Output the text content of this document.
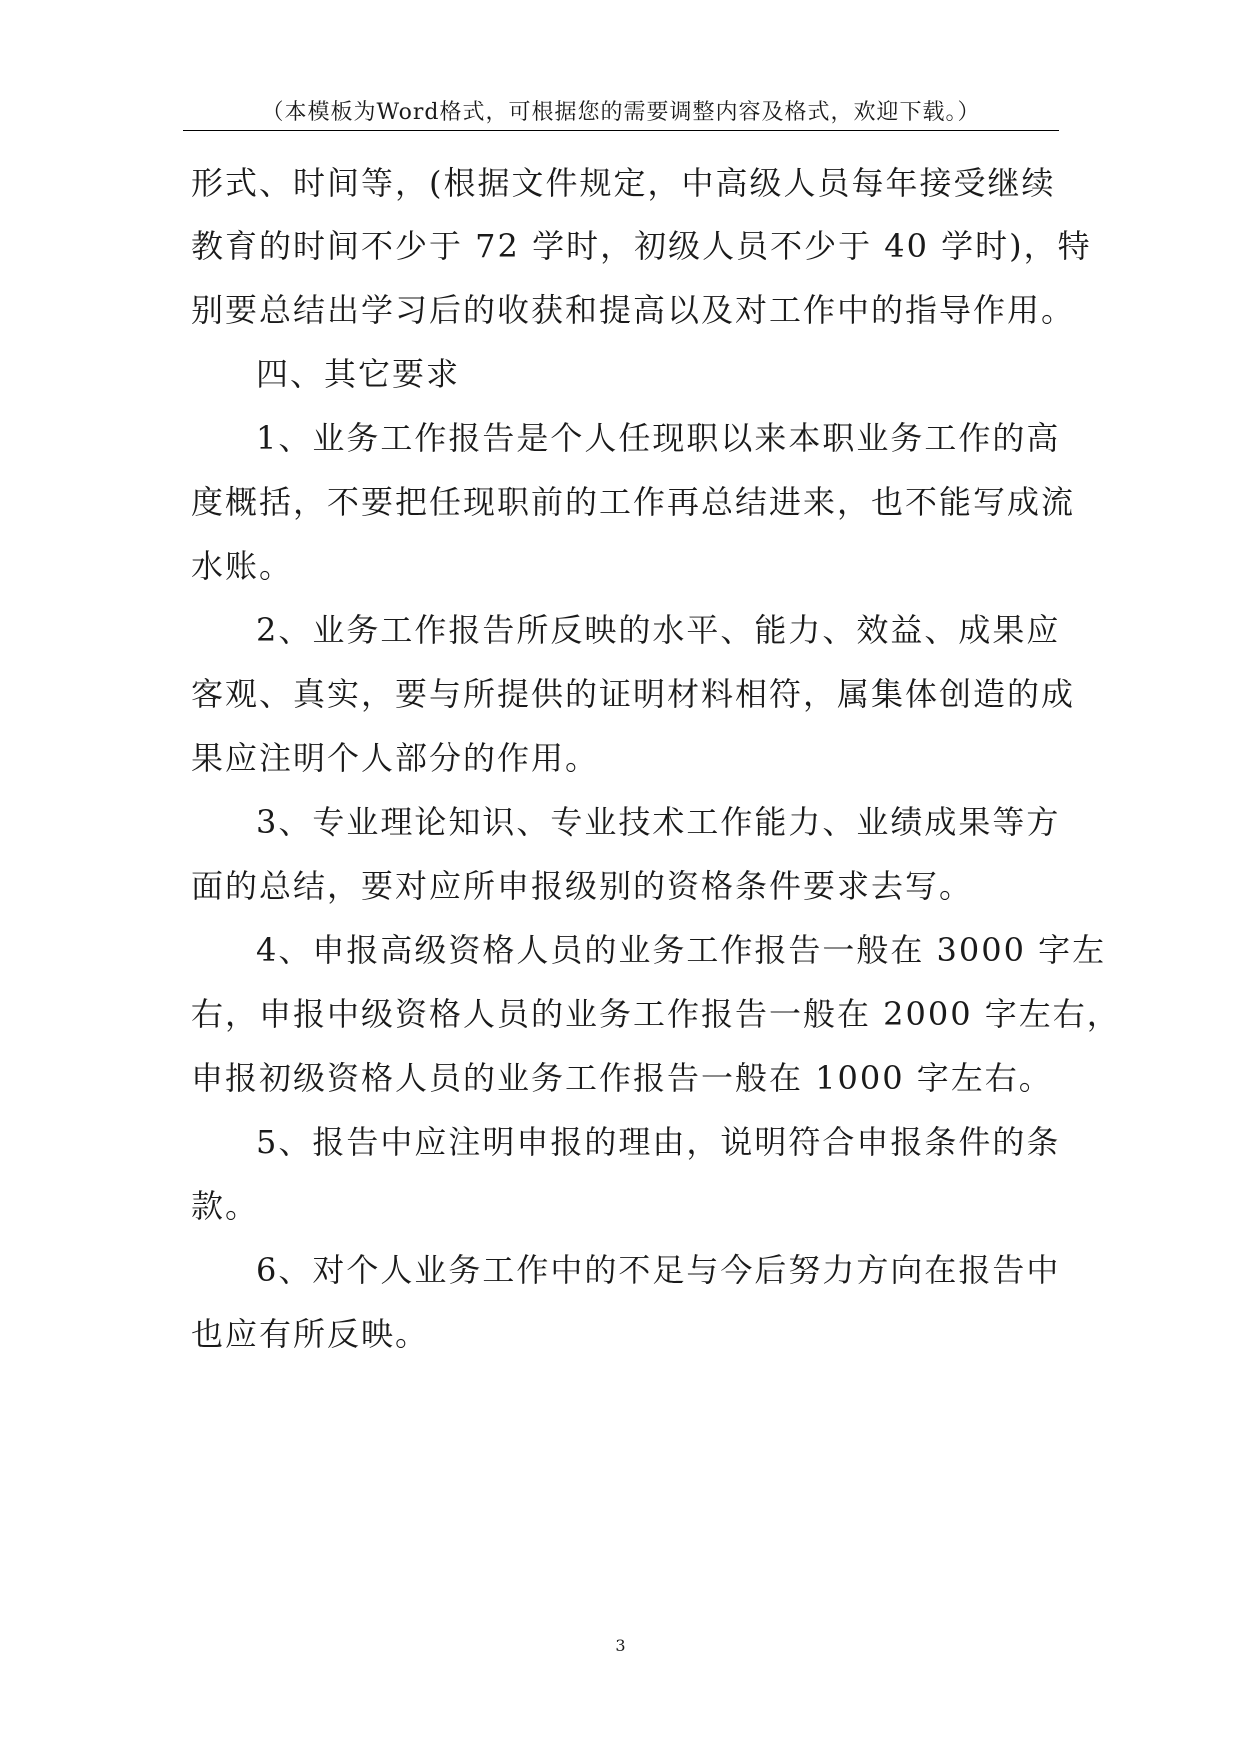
（本模板为Word格式，可根据您的需要调整内容及格式，欢迎下载。）
形式、时间等，(根据文件规定，中高级人员每年接受继续
教育的时间不少于 72 学时，初级人员不少于 40 学时)，特
别要总结出学习后的收获和提高以及对工作中的指导作用。
四、其它要求
1、业务工作报告是个人任现职以来本职业务工作的高
度概括，不要把任现职前的工作再总结进来，也不能写成流
水账。
2、业务工作报告所反映的水平、能力、效益、成果应
客观、真实，要与所提供的证明材料相符，属集体创造的成
果应注明个人部分的作用。
3、专业理论知识、专业技术工作能力、业绩成果等方
面的总结，要对应所申报级别的资格条件要求去写。
4、申报高级资格人员的业务工作报告一般在 3000 字左
右，申报中级资格人员的业务工作报告一般在 2000 字左右，
申报初级资格人员的业务工作报告一般在 1000 字左右。
5、报告中应注明申报的理由，说明符合申报条件的条
款。
6、对个人业务工作中的不足与今后努力方向在报告中
也应有所反映。
3
